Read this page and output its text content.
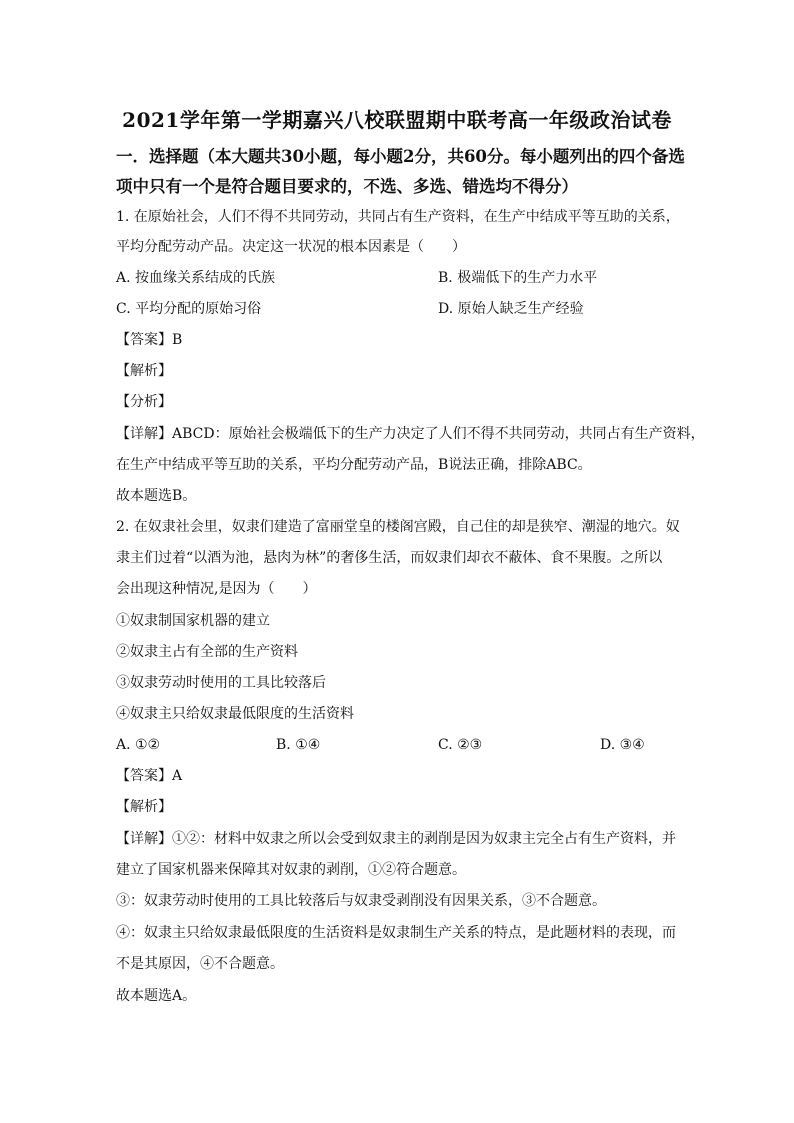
2021学年第一学期嘉兴八校联盟期中联考高一年级政治试卷
一．选择题（本大题共30小题，每小题2分，共60分。每小题列出的四个备选
项中只有一个是符合题目要求的，不选、多选、错选均不得分）
1. 在原始社会，人们不得不共同劳动，共同占有生产资料，在生产中结成平等互助的关系，
平均分配劳动产品。决定这一状况的根本因素是（　　）
A. 按血缘关系结成的氏族	B. 极端低下的生产力水平
C. 平均分配的原始习俗	D. 原始人缺乏生产经验
【答案】B
【解析】
【分析】
【详解】ABCD：原始社会极端低下的生产力决定了人们不得不共同劳动，共同占有生产资料，
在生产中结成平等互助的关系，平均分配劳动产品，B说法正确，排除ABC。
故本题选B。
2. 在奴隶社会里，奴隶们建造了富丽堂皇的楼阁宫殿，自己住的却是狭窄、潮湿的地穴。奴
隶主们过着“以酒为池，悬肉为林”的奢侈生活，而奴隶们却衣不蔽体、食不果腹。之所以
会出现这种情况,是因为（　　）
①奴隶制国家机器的建立
②奴隶主占有全部的生产资料
③奴隶劳动时使用的工具比较落后
④奴隶主只给奴隶最低限度的生活资料
A. ①②	B. ①④	C. ②③	D. ③④
【答案】A
【解析】
【详解】①②：材料中奴隶之所以会受到奴隶主的剥削是因为奴隶主完全占有生产资料，并
建立了国家机器来保障其对奴隶的剥削，①②符合题意。
③：奴隶劳动时使用的工具比较落后与奴隶受剥削没有因果关系，③不合题意。
④：奴隶主只给奴隶最低限度的生活资料是奴隶制生产关系的特点，是此题材料的表现，而
不是其原因，④不合题意。
故本题选A。
